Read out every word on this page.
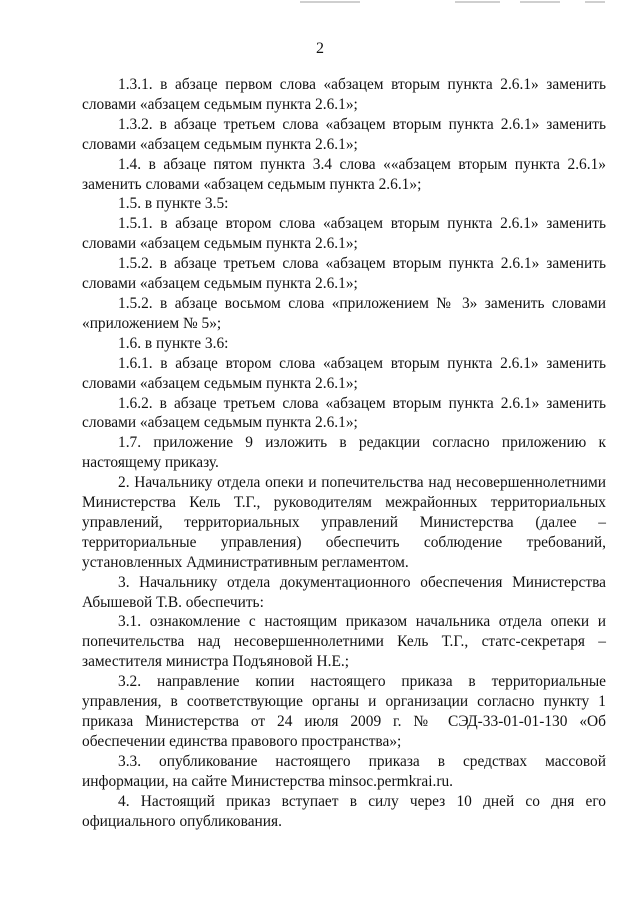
2

1.3.1. в абзаце первом слова «абзацем вторым пункта 2.6.1» заменить словами «абзацем седьмым пункта 2.6.1»;

1.3.2. в абзаце третьем слова «абзацем вторым пункта 2.6.1» заменить словами «абзацем седьмым пункта 2.6.1»;

1.4. в абзаце пятом пункта 3.4 слова ««абзацем вторым пункта 2.6.1» заменить словами «абзацем седьмым пункта 2.6.1»;

1.5. в пункте 3.5:

1.5.1. в абзаце втором слова «абзацем вторым пункта 2.6.1» заменить словами «абзацем седьмым пункта 2.6.1»;

1.5.2. в абзаце третьем слова «абзацем вторым пункта 2.6.1» заменить словами «абзацем седьмым пункта 2.6.1»;

1.5.2. в абзаце восьмом слова «приложением № 3» заменить словами «приложением № 5»;

1.6. в пункте 3.6:

1.6.1. в абзаце втором слова «абзацем вторым пункта 2.6.1» заменить словами «абзацем седьмым пункта 2.6.1»;

1.6.2. в абзаце третьем слова «абзацем вторым пункта 2.6.1» заменить словами «абзацем седьмым пункта 2.6.1»;

1.7. приложение 9 изложить в редакции согласно приложению к настоящему приказу.

2. Начальнику отдела опеки и попечительства над несовершеннолетними Министерства Кель Т.Г., руководителям межрайонных территориальных управлений, территориальных управлений Министерства (далее – территориальные управления) обеспечить соблюдение требований, установленных Административным регламентом.

3. Начальнику отдела документационного обеспечения Министерства Абышевой Т.В. обеспечить:

3.1. ознакомление с настоящим приказом начальника отдела опеки и попечительства над несовершеннолетними Кель Т.Г., статс-секретаря – заместителя министра Подъяновой Н.Е.;

3.2. направление копии настоящего приказа в территориальные управления, в соответствующие органы и организации согласно пункту 1 приказа Министерства от 24 июля 2009 г. № СЭД-33-01-01-130 «Об обеспечении единства правового пространства»;

3.3. опубликование настоящего приказа в средствах массовой информации, на сайте Министерства minsoc.permkrai.ru.

4. Настоящий приказ вступает в силу через 10 дней со дня его официального опубликования.
